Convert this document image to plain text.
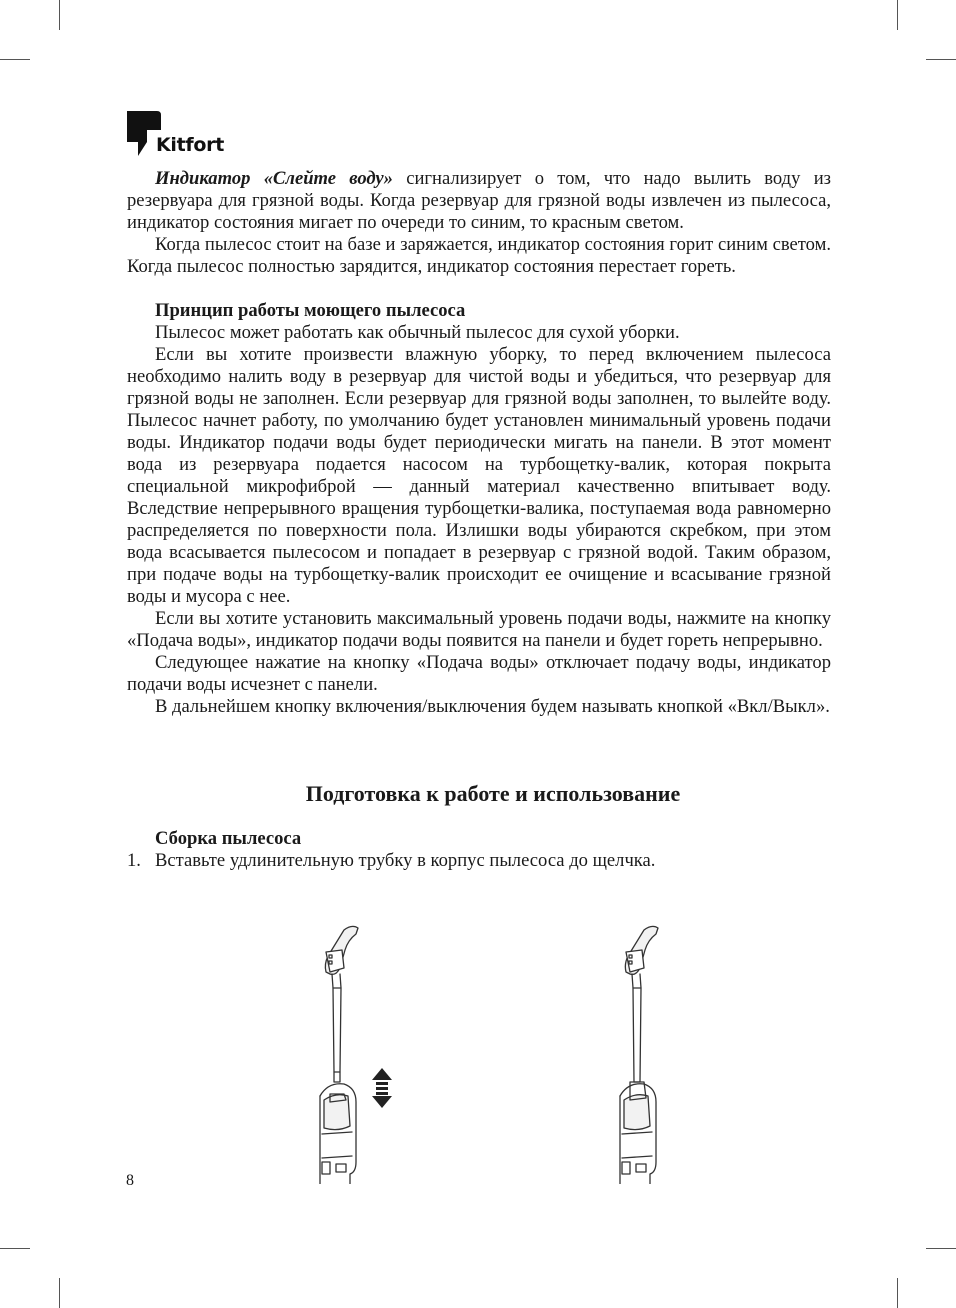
Kitfort

Индикатор «Слейте воду» сигнализирует о том, что надо вылить воду из резервуара для грязной воды. Когда резервуар для грязной воды извлечен из пылесоса, индикатор состояния мигает по очереди то синим, то красным светом.

Когда пылесос стоит на базе и заряжается, индикатор состояния горит синим светом. Когда пылесос полностью зарядится, индикатор состояния перестает гореть.

Принцип работы моющего пылесоса

Пылесос может работать как обычный пылесос для сухой уборки.

Если вы хотите произвести влажную уборку, то перед включением пылесоса необходимо налить воду в резервуар для чистой воды и убедиться, что резервуар для грязной воды не заполнен. Если резервуар для грязной воды заполнен, то вылейте воду. Пылесос начнет работу, по умолчанию будет установлен минимальный уровень подачи воды. Индикатор подачи воды будет периодически мигать на панели. В этот момент вода из резервуара подается насосом на турбощетку-валик, которая покрыта специальной микрофиброй — данный материал качественно впитывает воду. Вследствие непрерывного вращения турбощетки-валика, поступаемая вода равномерно распределяется по поверхности пола. Излишки воды убираются скребком, при этом вода всасывается пылесосом и попадает в резервуар с грязной водой. Таким образом, при подаче воды на турбощетку-валик происходит ее очищение и всасывание грязной воды и мусора с нее.

Если вы хотите установить максимальный уровень подачи воды, нажмите на кнопку «Подача воды», индикатор подачи воды появится на панели и будет гореть непрерывно.

Следующее нажатие на кнопку «Подача воды» отключает подачу воды, индикатор подачи воды исчезнет с панели.

В дальнейшем кнопку включения/выключения будем называть кнопкой «Вкл/Выкл».

Подготовка к работе и использование

Сборка пылесоса

1. Вставьте удлинительную трубку в корпус пылесоса до щелчка.
8
